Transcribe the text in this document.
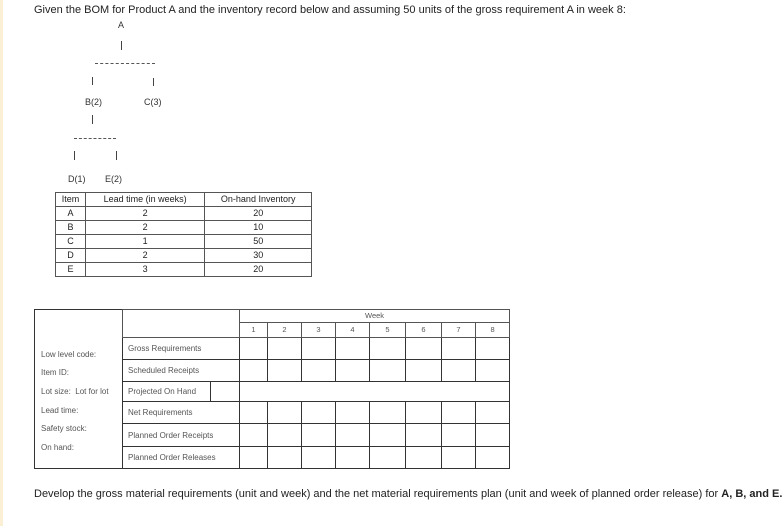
Given the BOM for Product A and the inventory record below and assuming 50 units of the gross requirement A in week 8:
A
B(2)	C(3)
D(1) E(2)
Item	Lead time (in weeks)	On-hand Inventory
A	2	20
B	2	10
C	1	50
D	2	30
E	3	20
Low level code:
Item ID:
Lot size:  Lot for lot
Lead time:
Safety stock:
On hand:
	Week							
	1	2	3	4	5	6	7	8
Gross Requirements								
Scheduled Receipts								
Projected On Hand

Net Requirements								
Planned Order Receipts								
Planned Order Releases								
Develop the gross material requirements (unit and week) and the net material requirements plan (unit and week of planned order release) for A, B, and E.
